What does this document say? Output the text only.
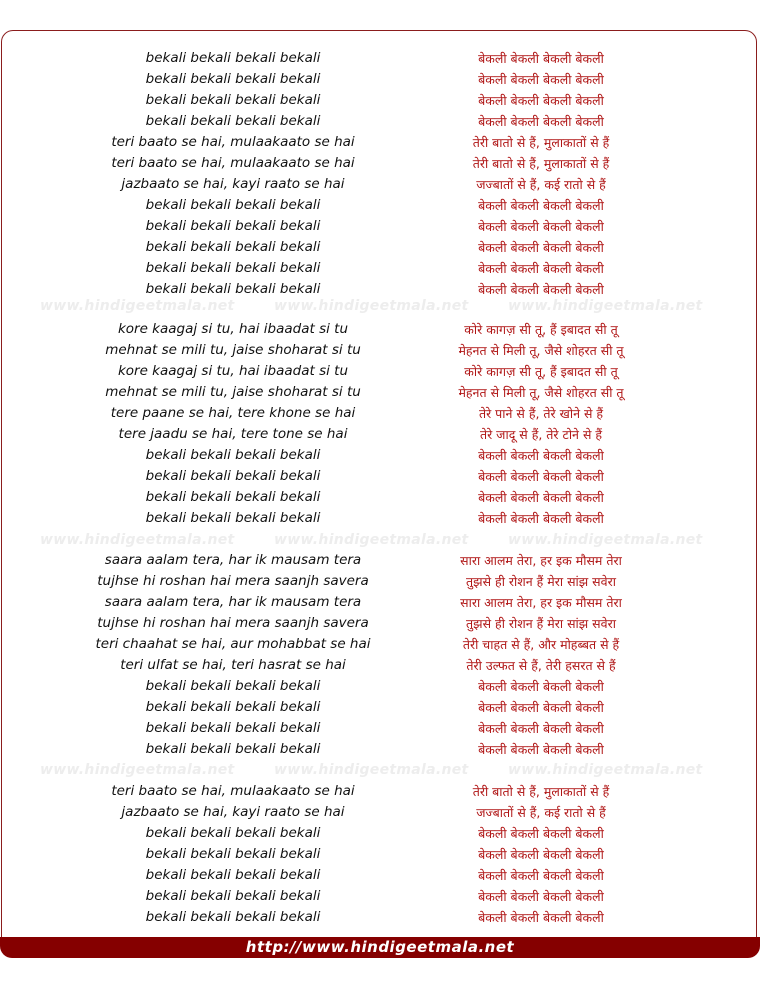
bekali bekali bekali bekali	बेकली बेकली बेकली बेकली
bekali bekali bekali bekali	बेकली बेकली बेकली बेकली
bekali bekali bekali bekali	बेकली बेकली बेकली बेकली
bekali bekali bekali bekali	बेकली बेकली बेकली बेकली
teri baato se hai, mulaakaato se hai	तेरी बातो से हैं, मुलाकातों से हैं
teri baato se hai, mulaakaato se hai	तेरी बातो से हैं, मुलाकातों से हैं
jazbaato se hai, kayi raato se hai	जज्बातों से हैं, कई रातो से हैं
bekali bekali bekali bekali	बेकली बेकली बेकली बेकली
bekali bekali bekali bekali	बेकली बेकली बेकली बेकली
bekali bekali bekali bekali	बेकली बेकली बेकली बेकली
bekali bekali bekali bekali	बेकली बेकली बेकली बेकली
bekali bekali bekali bekali	बेकली बेकली बेकली बेकली
kore kaagaj si tu, hai ibaadat si tu	कोरे कागज़ सी तू, हैं इबादत सी तू
mehnat se mili tu, jaise shoharat si tu	मेहनत से मिली तू, जैसे शोहरत सी तू
kore kaagaj si tu, hai ibaadat si tu	कोरे कागज़ सी तू, हैं इबादत सी तू
mehnat se mili tu, jaise shoharat si tu	मेहनत से मिली तू, जैसे शोहरत सी तू
tere paane se hai, tere khone se hai	तेरे पाने से हैं, तेरे खोने से हैं
tere jaadu se hai, tere tone se hai	तेरे जादू से हैं, तेरे टोने से हैं
bekali bekali bekali bekali	बेकली बेकली बेकली बेकली
bekali bekali bekali bekali	बेकली बेकली बेकली बेकली
bekali bekali bekali bekali	बेकली बेकली बेकली बेकली
bekali bekali bekali bekali	बेकली बेकली बेकली बेकली
saara aalam tera, har ik mausam tera	सारा आलम तेरा, हर इक मौसम तेरा
tujhse hi roshan hai mera saanjh savera	तुझसे ही रोशन हैं मेरा सांझ सवेरा
saara aalam tera, har ik mausam tera	सारा आलम तेरा, हर इक मौसम तेरा
tujhse hi roshan hai mera saanjh savera	तुझसे ही रोशन हैं मेरा सांझ सवेरा
teri chaahat se hai, aur mohabbat se hai	तेरी चाहत से हैं, और मोहब्बत से हैं
teri ulfat se hai, teri hasrat se hai	तेरी उल्फत से हैं, तेरी हसरत से हैं
bekali bekali bekali bekali	बेकली बेकली बेकली बेकली
bekali bekali bekali bekali	बेकली बेकली बेकली बेकली
bekali bekali bekali bekali	बेकली बेकली बेकली बेकली
bekali bekali bekali bekali	बेकली बेकली बेकली बेकली
teri baato se hai, mulaakaato se hai	तेरी बातो से हैं, मुलाकातों से हैं
jazbaato se hai, kayi raato se hai	जज्बातों से हैं, कई रातो से हैं
bekali bekali bekali bekali	बेकली बेकली बेकली बेकली
bekali bekali bekali bekali	बेकली बेकली बेकली बेकली
bekali bekali bekali bekali	बेकली बेकली बेकली बेकली
bekali bekali bekali bekali	बेकली बेकली बेकली बेकली
bekali bekali bekali bekali	बेकली बेकली बेकली बेकली
www.hindigeetmala.net	www.hindigeetmala.net	www.hindigeetmala.net
www.hindigeetmala.net	www.hindigeetmala.net	www.hindigeetmala.net
www.hindigeetmala.net	www.hindigeetmala.net	www.hindigeetmala.net
http://www.hindigeetmala.net
